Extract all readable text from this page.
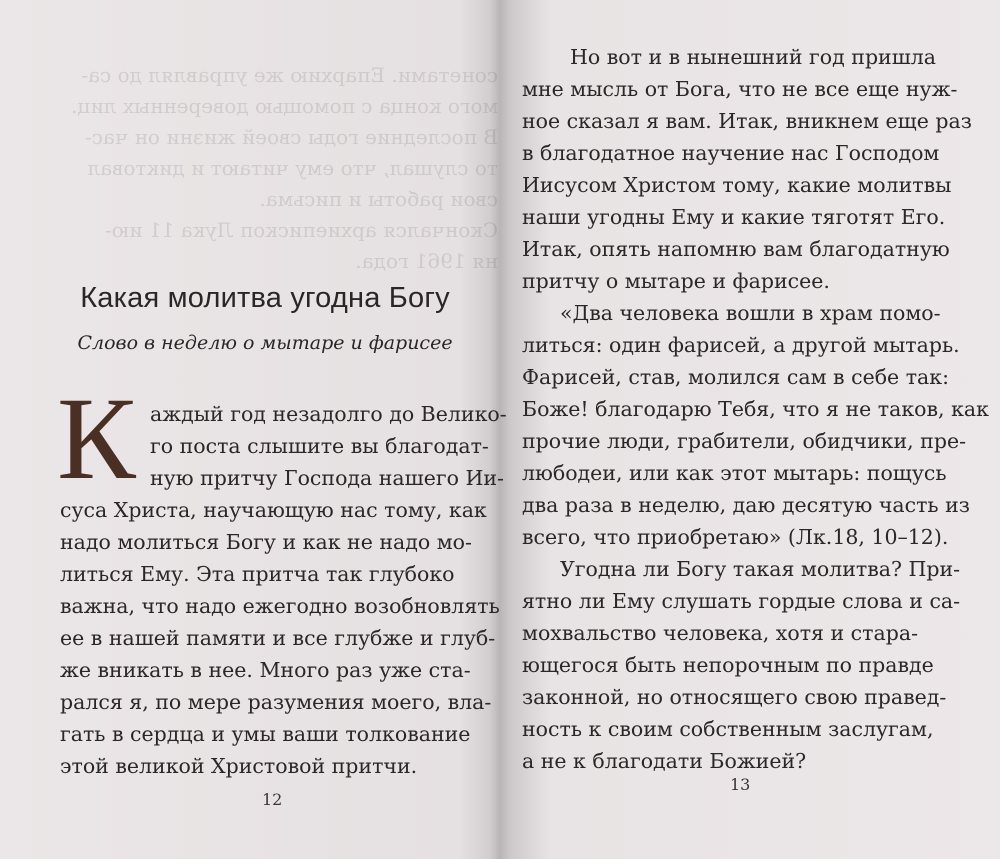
сонетами. Епархию же управлял до са-
мого конца с помощью доверенных лиц.
В последние годы своей жизни он час-
то слушал, что ему читают и диктовал
свои работы и письма.
Скончался архиепископ Лука 11 ию-
ня 1961 года.
Какая молитва угодна Богу
Слово в неделю о мытаре и фарисее
К аждый год незадолго до Велико-
го поста слышите вы благодат-
ную притчу Господа нашего Ии-
суса Христа, научающую нас тому, как
надо молиться Богу и как не надо мо-
литься Ему. Эта притча так глубоко
важна, что надо ежегодно возобновлять
ее в нашей памяти и все глубже и глуб-
же вникать в нее. Много раз уже ста-
рался я, по мере разумения моего, вла-
гать в сердца и умы ваши толкование
этой великой Христовой притчи.
12
Но вот и в нынешний год пришла
мне мысль от Бога, что не все еще нуж-
ное сказал я вам. Итак, вникнем еще раз
в благодатное научение нас Господом
Иисусом Христом тому, какие молитвы
наши угодны Ему и какие тяготят Его.
Итак, опять напомню вам благодатную
притчу о мытаре и фарисее.
«Два человека вошли в храм помо-
литься: один фарисей, а другой мытарь.
Фарисей, став, молился сам в себе так:
Боже! благодарю Тебя, что я не таков, как
прочие люди, грабители, обидчики, пре-
любодеи, или как этот мытарь: пощусь
два раза в неделю, даю десятую часть из
всего, что приобретаю» (Лк.18, 10–12).
Угодна ли Богу такая молитва? При-
ятно ли Ему слушать гордые слова и са-
мохвальство человека, хотя и стара-
ющегося быть непорочным по правде
законной, но относящего свою правед-
ность к своим собственным заслугам,
а не к благодати Божией?
13
